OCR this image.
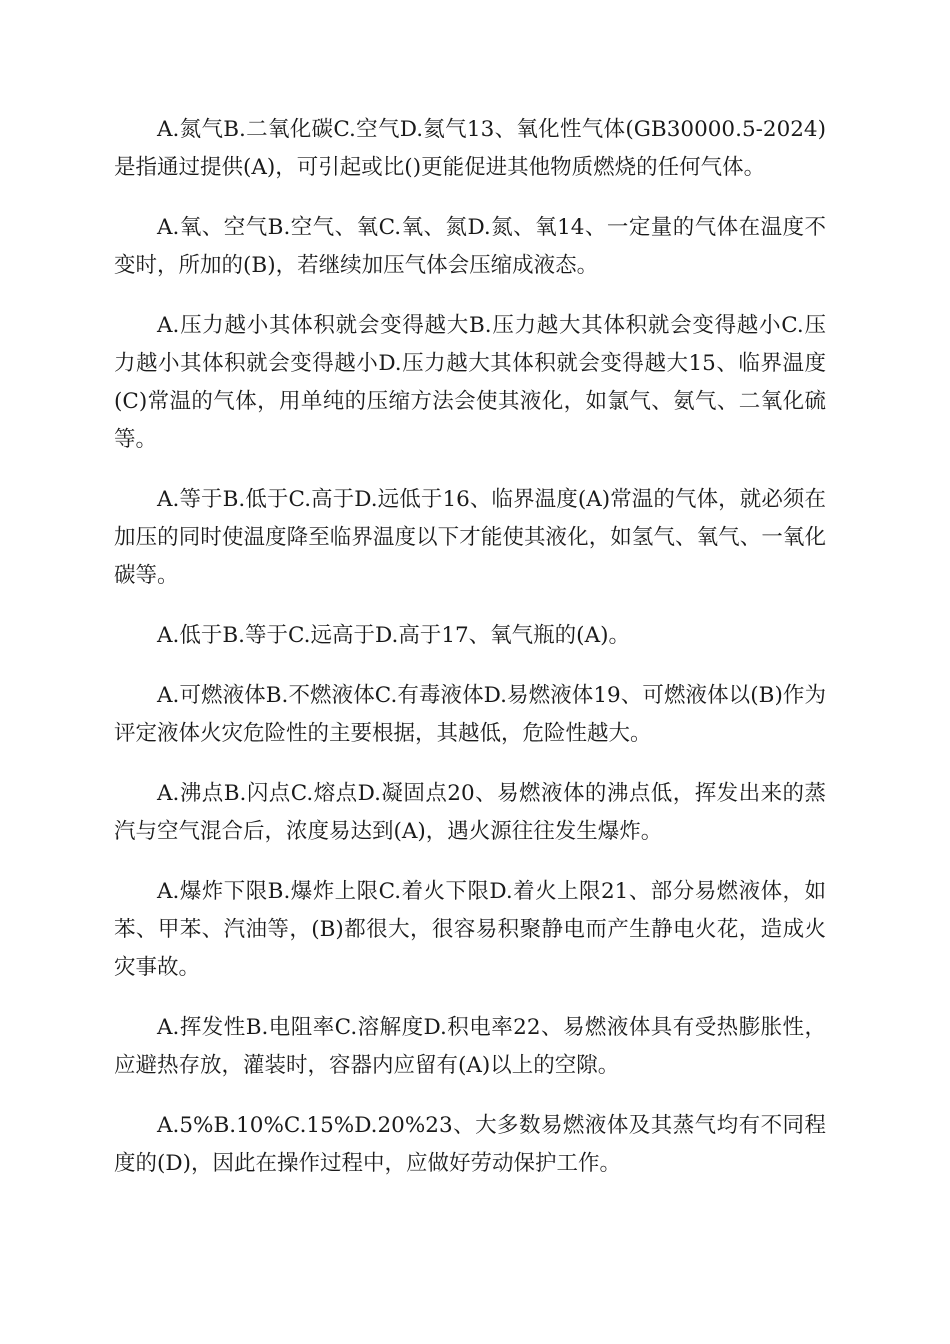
A.氮气B.二氧化碳C.空气D.氦气13、氧化性气体(GB30000.5-2024)是指通过提供(A)，可引起或比()更能促进其他物质燃烧的任何气体。

A.氧、空气B.空气、氧C.氧、氮D.氮、氧14、一定量的气体在温度不变时，所加的(B)，若继续加压气体会压缩成液态。

A.压力越小其体积就会变得越大B.压力越大其体积就会变得越小C.压力越小其体积就会变得越小D.压力越大其体积就会变得越大15、临界温度(C)常温的气体，用单纯的压缩方法会使其液化，如氯气、氨气、二氧化硫等。

A.等于B.低于C.高于D.远低于16、临界温度(A)常温的气体，就必须在加压的同时使温度降至临界温度以下才能使其液化，如氢气、氧气、一氧化碳等。

A.低于B.等于C.远高于D.高于17、氧气瓶的(A)。

A.可燃液体B.不燃液体C.有毒液体D.易燃液体19、可燃液体以(B)作为评定液体火灾危险性的主要根据，其越低，危险性越大。

A.沸点B.闪点C.熔点D.凝固点20、易燃液体的沸点低，挥发出来的蒸汽与空气混合后，浓度易达到(A)，遇火源往往发生爆炸。

A.爆炸下限B.爆炸上限C.着火下限D.着火上限21、部分易燃液体，如苯、甲苯、汽油等，(B)都很大，很容易积聚静电而产生静电火花，造成火灾事故。

A.挥发性B.电阻率C.溶解度D.积电率22、易燃液体具有受热膨胀性，应避热存放，灌装时，容器内应留有(A)以上的空隙。

A.5%B.10%C.15%D.20%23、大多数易燃液体及其蒸气均有不同程度的(D)，因此在操作过程中，应做好劳动保护工作。
